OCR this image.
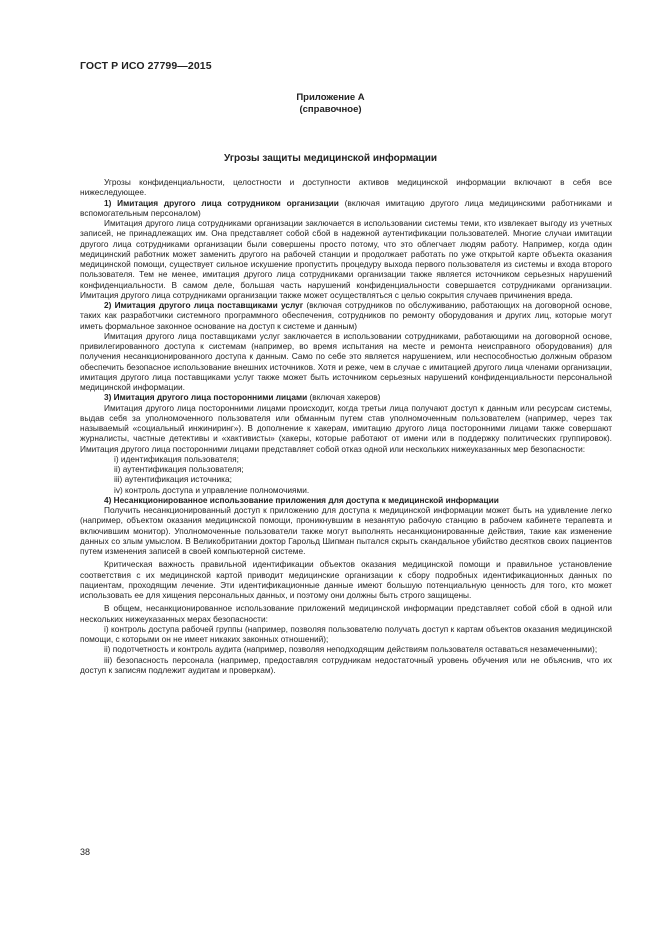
ГОСТ Р ИСО 27799—2015
Приложение А
(справочное)
Угрозы защиты медицинской информации

Угрозы конфиденциальности, целостности и доступности активов медицинской информации включают в себя все нижеследующее.

1) Имитация другого лица сотрудником организации (включая имитацию другого лица медицинскими работниками и вспомогательным персоналом)

Имитация другого лица сотрудниками организации заключается в использовании системы теми, кто извлекает выгоду из учетных записей, не принадлежащих им. Она представляет собой сбой в надежной аутентификации пользователей. Многие случаи имитации другого лица сотрудниками организации были совершены просто потому, что это облегчает людям работу. Например, когда один медицинский работник может заменить другого на рабочей станции и продолжает работать по уже открытой карте объекта оказания медицинской помощи, существует сильное искушение пропустить процедуру выхода первого пользователя из системы и входа второго пользователя. Тем не менее, имитация другого лица сотрудниками организации также является источником серьезных нарушений конфиденциальности. В самом деле, большая часть нарушений конфиденциальности совершается сотрудниками организации. Имитация другого лица сотрудниками организации также может осуществляться с целью сокрытия случаев причинения вреда.

2) Имитация другого лица поставщиками услуг (включая сотрудников по обслуживанию, работающих на договорной основе, таких как разработчики системного программного обеспечения, сотрудников по ремонту оборудования и других лиц, которые могут иметь формальное законное основание на доступ к системе и данным)

Имитация другого лица поставщиками услуг заключается в использовании сотрудниками, работающими на договорной основе, привилегированного доступа к системам (например, во время испытания на месте и ремонта неисправного оборудования) для получения несанкционированного доступа к данным. Само по себе это является нарушением, или неспособностью должным образом обеспечить безопасное использование внешних источников. Хотя и реже, чем в случае с имитацией другого лица членами организации, имитация другого лица поставщиками услуг также может быть источником серьезных нарушений конфиденциальности персональной медицинской информации.

3) Имитация другого лица посторонними лицами (включая хакеров)

Имитация другого лица посторонними лицами происходит, когда третьи лица получают доступ к данным или ресурсам системы, выдав себя за уполномоченного пользователя или обманным путем став уполномоченным пользователем (например, через так называемый «социальный инжиниринг»). В дополнение к хакерам, имитацию другого лица посторонними лицами также совершают журналисты, частные детективы и «хактивисты» (хакеры, которые работают от имени или в поддержку политических группировок). Имитация другого лица посторонними лицами представляет собой отказ одной или нескольких нижеуказанных мер безопасности:

i) идентификация пользователя;

ii) аутентификация пользователя;

iii) аутентификация источника;

iv) контроль доступа и управление полномочиями.

4) Несанкционированное использование приложения для доступа к медицинской информации

Получить несанкционированный доступ к приложению для доступа к медицинской информации может быть на удивление легко (например, объектом оказания медицинской помощи, проникнувшим в незанятую рабочую станцию в рабочем кабинете терапевта и включившим монитор). Уполномоченные пользователи также могут выполнять несанкционированные действия, такие как изменение данных со злым умыслом. В Великобритании доктор Гарольд Шипман пытался скрыть скандальное убийство десятков своих пациентов путем изменения записей в своей компьютерной системе.

Критическая важность правильной идентификации объектов оказания медицинской помощи и правильное установление соответствия с их медицинской картой приводит медицинские организации к сбору подробных идентификационных данных по пациентам, проходящим лечение. Эти идентификационные данные имеют большую потенциальную ценность для того, кто может использовать ее для хищения персональных данных, и поэтому они должны быть строго защищены.

В общем, несанкционированное использование приложений медицинской информации представляет собой сбой в одной или нескольких нижеуказанных мерах безопасности:

i) контроль доступа рабочей группы (например, позволяя пользователю получать доступ к картам объектов оказания медицинской помощи, с которыми он не имеет никаких законных отношений);

ii) подотчетность и контроль аудита (например, позволяя неподходящим действиям пользователя оставаться незамеченными);

iii) безопасность персонала (например, предоставляя сотрудникам недостаточный уровень обучения или не объяснив, что их доступ к записям подлежит аудитам и проверкам).

38
